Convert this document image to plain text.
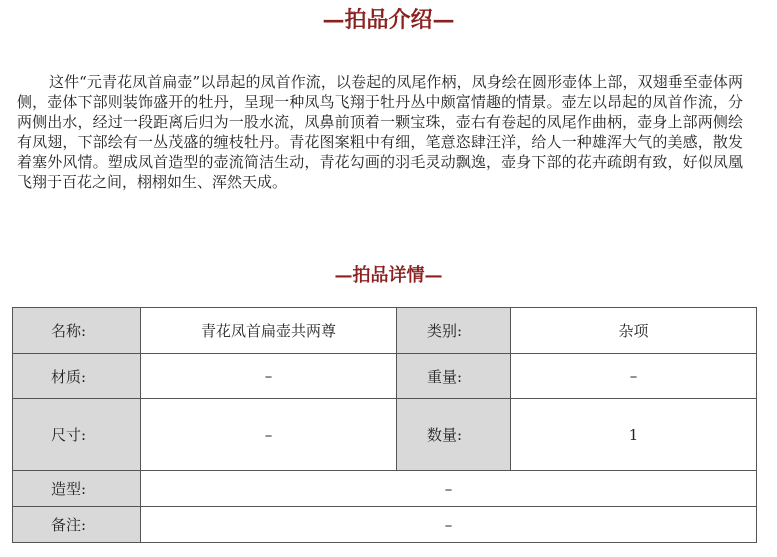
—拍品介绍—

这件“元青花凤首扁壶”以昂起的凤首作流，以卷起的凤尾作柄，凤身绘在圆形壶体上部，双翅垂至壶体两侧，壶体下部则装饰盛开的牡丹，呈现一种凤鸟飞翔于牡丹丛中颇富情趣的情景。壶左以昂起的凤首作流，分两侧出水，经过一段距离后归为一股水流，凤鼻前顶着一颗宝珠，壶右有卷起的凤尾作曲柄，壶身上部两侧绘有凤翅，下部绘有一丛茂盛的缠枝牡丹。青花图案粗中有细，笔意恣肆汪洋，给人一种雄浑大气的美感，散发着塞外风情。塑成凤首造型的壶流简洁生动，青花勾画的羽毛灵动飘逸，壶身下部的花卉疏朗有致，好似凤凰飞翔于百花之间，栩栩如生、浑然天成。

—拍品详情—
名称:	青花凤首扁壶共两尊	类别:	杂项
材质:	–	重量:	–
尺寸:	–	数量:	1
造型:	–		
备注:	–		
